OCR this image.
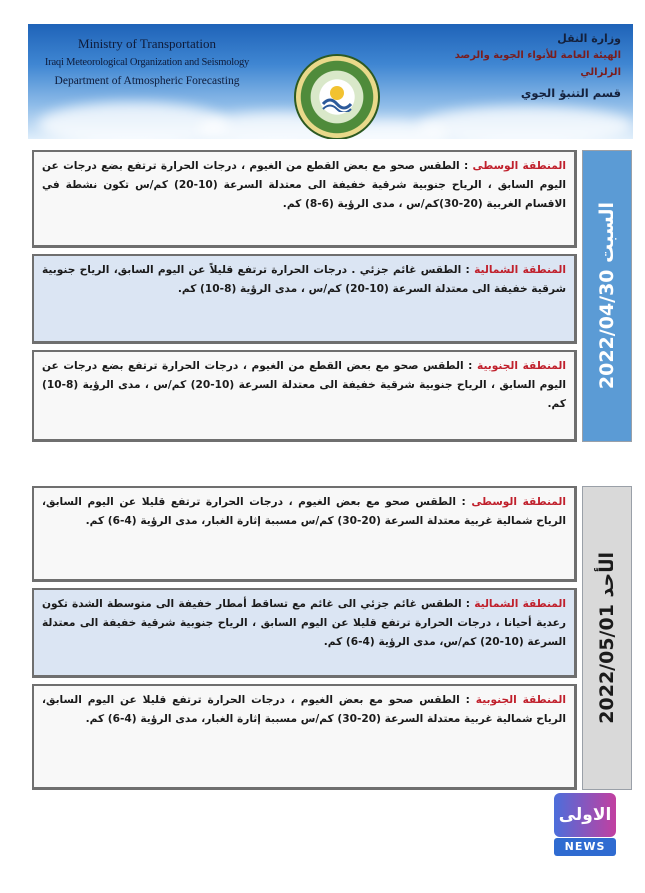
Ministry of Transportation
Iraqi Meteorological Organization and Seismology
Department of Atmospheric Forecasting
وزارة النقل
الهيئة العامة للأنواء الجوية والرصد الزلزالي
قسم التنبؤ الجوي
السبت 2022/04/30
المنطقة الوسطى : الطقس صحو مع بعض القطع من الغيوم ، درجات الحرارة ترتفع بضع درجات عن اليوم السابق ، الرياح جنوبية شرقية خفيفة الى معتدلة السرعة (10-20) كم/س تكون نشطة في الاقسام الغربية (20-30)كم/س ، مدى الرؤية (6-8) كم.
المنطقة الشمالية : الطقس غائم جزئي . درجات الحرارة ترتفع قليلاً عن اليوم السابق، الرياح جنوبية شرقية خفيفة الى معتدلة السرعة (10-20) كم/س ، مدى الرؤية (8-10) كم.
المنطقة الجنوبية : الطقس صحو مع بعض القطع من الغيوم ، درجات الحرارة ترتفع بضع درجات عن اليوم السابق ، الرياح جنوبية شرقية خفيفة الى معتدلة السرعة (10-20) كم/س ، مدى الرؤية (8-10) كم.
الأحد 2022/05/01
المنطقة الوسطى : الطقس صحو مع بعض الغيوم ، درجات الحرارة ترتفع قليلا عن اليوم السابق، الرياح شمالية غربية معتدلة السرعة (20-30) كم/س مسببة إثارة الغبار، مدى الرؤية (4-6) كم.
المنطقة الشمالية : الطقس غائم جزئي الى غائم مع تساقط أمطار خفيفة الى متوسطة الشدة تكون رعدية أحيانا ، درجات الحرارة ترتفع قليلا عن اليوم السابق ، الرياح جنوبية شرقية خفيفة الى معتدلة السرعة (10-20) كم/س، مدى الرؤية (4-6) كم.
المنطقة الجنوبية : الطقس صحو مع بعض الغيوم ، درجات الحرارة ترتفع قليلا عن اليوم السابق، الرياح شمالية غربية معتدلة السرعة (20-30) كم/س مسببة إثارة الغبار، مدى الرؤية (4-6) كم.
الاولى
NEWS
